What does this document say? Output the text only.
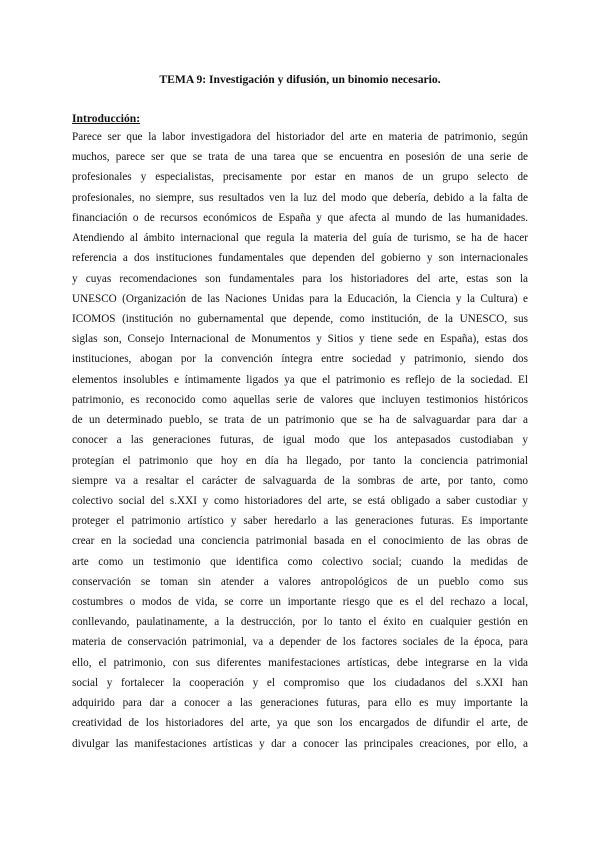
TEMA 9: Investigación y difusión, un binomio necesario.
Introducción:
Parece ser que la labor investigadora del historiador del arte en materia de patrimonio, según
muchos, parece ser que se trata de una tarea que se encuentra en posesión de una serie de
profesionales y especialistas, precisamente por estar en manos de un grupo selecto de
profesionales, no siempre, sus resultados ven la luz del modo que debería, debido a la falta de
financiación o de recursos económicos de España y que afecta al mundo de las humanidades.
Atendiendo al ámbito internacional que regula la materia del guía de turismo, se ha de hacer
referencia a dos instituciones fundamentales que dependen del gobierno y son internacionales
y cuyas recomendaciones son fundamentales para los historiadores del arte, estas son la
UNESCO (Organización de las Naciones Unidas para la Educación, la Ciencia y la Cultura) e
ICOMOS (institución no gubernamental que depende, como institución, de la UNESCO, sus
siglas son, Consejo Internacional de Monumentos y Sitios y tiene sede en España), estas dos
instituciones, abogan por la convención íntegra entre sociedad y patrimonio, siendo dos
elementos insolubles e íntimamente ligados ya que el patrimonio es reflejo de la sociedad. El
patrimonio, es reconocido como aquellas serie de valores que incluyen testimonios históricos
de un determinado pueblo, se trata de un patrimonio que se ha de salvaguardar para dar a
conocer a las generaciones futuras, de igual modo que los antepasados custodiaban y
protegían el patrimonio que hoy en día ha llegado, por tanto la conciencia patrimonial
siempre va a resaltar el carácter de salvaguarda de la sombras de arte, por tanto, como
colectivo social del s.XXI y como historiadores del arte, se está obligado a saber custodiar y
proteger el patrimonio artístico y saber heredarlo a las generaciones futuras. Es importante
crear en la sociedad una conciencia patrimonial basada en el conocimiento de las obras de
arte como un testimonio que identifica como colectivo social; cuando la medidas de
conservación se toman sin atender a valores antropológicos de un pueblo como sus
costumbres o modos de vida, se corre un importante riesgo que es el del rechazo a local,
conllevando, paulatinamente, a la destrucción, por lo tanto el éxito en cualquier gestión en
materia de conservación patrimonial, va a depender de los factores sociales de la época, para
ello, el patrimonio, con sus diferentes manifestaciones artísticas, debe integrarse en la vida
social y fortalecer la cooperación y el compromiso que los ciudadanos del s.XXI han
adquirido para dar a conocer a las generaciones futuras, para ello es muy importante la
creatividad de los historiadores del arte, ya que son los encargados de difundir el arte, de
divulgar las manifestaciones artísticas y dar a conocer las principales creaciones, por ello, a
